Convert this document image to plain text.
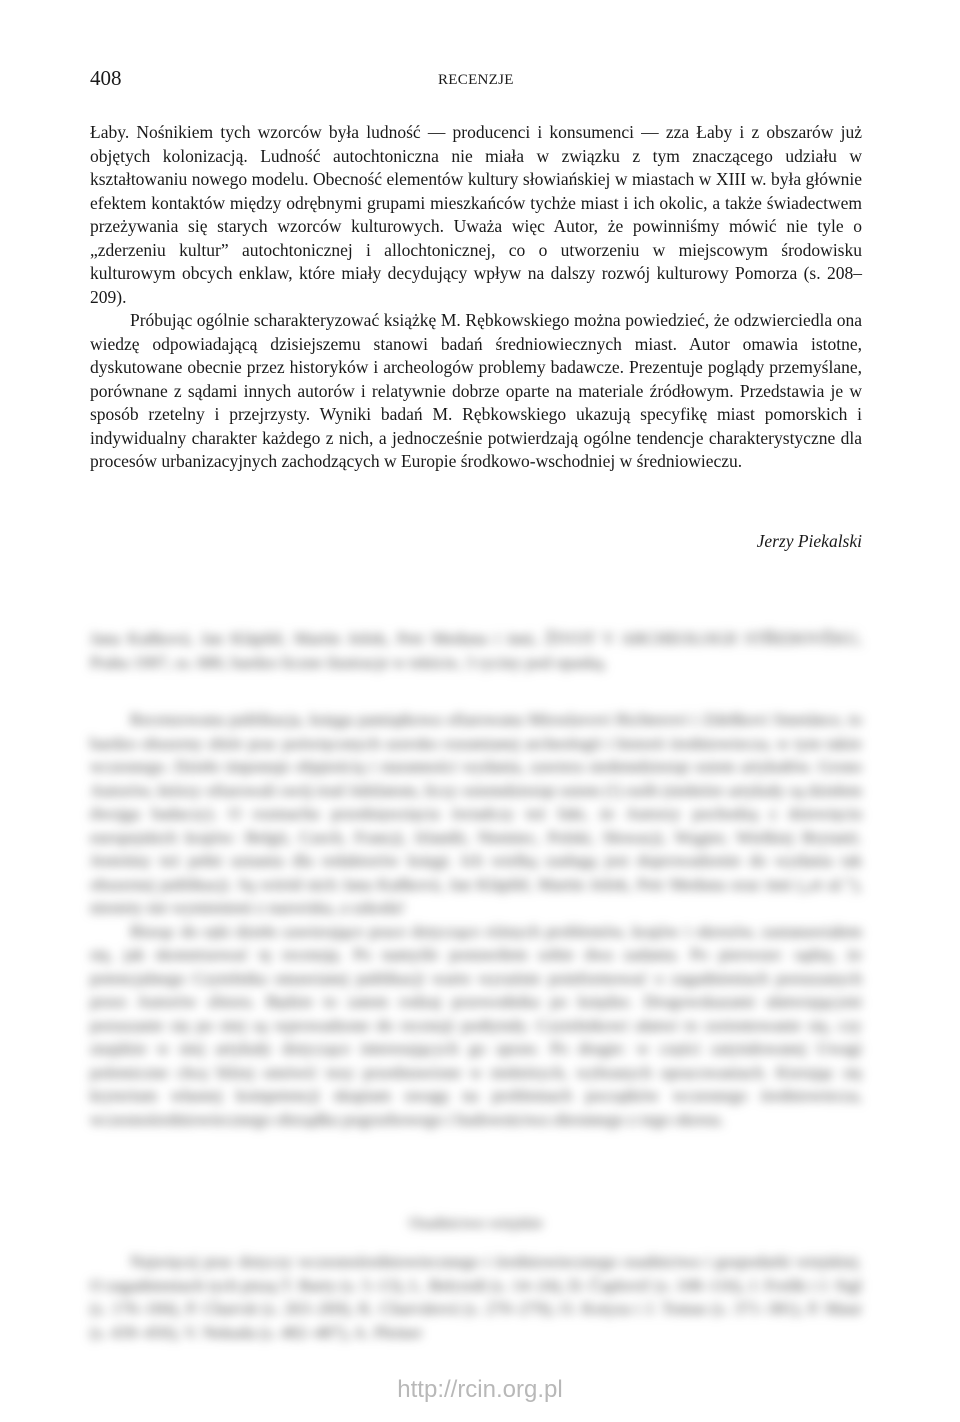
408	RECENZJE

Łaby. Nośnikiem tych wzorców była ludność — producenci i konsumenci — zza Łaby i z obszarów już objętych kolonizacją. Ludność autochtoniczna nie miała w związku z tym znaczącego udziału w kształtowaniu nowego modelu. Obecność elementów kultury słowiańskiej w miastach w XIII w. była głównie efektem kontaktów między odrębnymi grupami mieszkańców tychże miast i ich okolic, a także świadectwem przeżywania się starych wzorców kulturowych. Uważa więc Autor, że powinniśmy mówić nie tyle o „zderzeniu kultur” autochtonicznej i allochtonicznej, co o utworzeniu w miejscowym środowisku kulturowym obcych enklaw, które miały decydujący wpływ na dalszy rozwój kulturowy Pomorza (s. 208–209).

Próbując ogólnie scharakteryzować książkę M. Rębkowskiego można powiedzieć, że odzwierciedla ona wiedzę odpowiadającą dzisiejszemu stanowi badań średniowiecznych miast. Autor omawia istotne, dyskutowane obecnie przez historyków i archeologów problemy badawcze. Prezentuje poglądy przemyślane, porównane z sądami innych autorów i relatywnie dobrze oparte na materiale źródłowym. Przedstawia je w sposób rzetelny i przejrzysty. Wyniki badań M. Rębkowskiego ukazują specyfikę miast pomorskich i indywidualny charakter każdego z nich, a jednocześnie potwierdzają ogólne tendencje charakterystyczne dla procesów urbanizacyjnych zachodzących w Europie środkowo-wschodniej w średniowieczu.

Jerzy Piekalski

Jana Kaňková, Jan Klápště, Martin Ježek, Petr Meduna i inni, ŽIVOT V ARCHEOLOGII STŘEDOVĚKU, Praha 1997, ss. 680, bardzo liczne ilustracje w tekście, 3 ryciny pod opaską.

Recenzowana publikacja, księga pamiątkowa ofiarowana Miroslavovi Richterovi i Zdeňkovi Smetánce, to bardzo obszerny zbiór prac poświęconych szeroko rozumianej archeologii i historii średniowiecza, w tym także wczesnego. Dzieło imponuje objętością i staranności wydania, zawiera siedemdziesiąt osiem artykułów. Grono Autorów, którzy ofiarowali swój trud Jubilatom, liczy osiemdziesiąt osiem (!) osób (niektóre artykuły są dziełem dwojga badaczy). O rozmachu przedsięwzięcia świadczy też fakt, że Autorzy pochodzą z dziewięciu europejskich krajów: Belgii, Czech, Francji, Irlandii, Niemiec, Polski, Słowacji, Węgier, Wielkiej Brytanii. Jesteśmy też pełni uznania dla redaktorów księgi. Ich wielką zasługą jest doprowadzenie do wydania tak obszernej publikacji. Są wśród nich Jana Kaňková, Jan Klápště, Martin Ježek, Petr Meduna oraz inni („et al.”), niestety nie wymienieni z nazwiska, a szkoda!

Biorąc do ręki dzieło zawierające prace dotyczące różnych problemów, krajów i okresów, zastanawiałem się, jak skonstruować tę recenzję. Po namyśle postawiłem sobie dwa zadania. Po pierwsze: sądzę, że potencjalnego Czytelnika omawianej publikacji warto wyraźnie poinformować o zagadnieniach poruszanych przez Autorów zbioru. Będzie to zatem rodzaj przewodnika po księdze. Drogowskazami ułatwiającymi poruszanie się po niej są wprowadzone do recenzji podtytuły. Czytelnikowi ułatwi to zorientowanie się, czy znajdzie w niej artykuły dotyczące interesujących go spraw. Po drugie: w części zatytułowanej Uwagi polemiczne chcę bliżej omówić tezy przedstawione w niektórych, wybranych opracowaniach. Kierując się kryterium własnej kompetencji skupiam uwagę na problemach początków wczesnego średniowiecza, wczesnośredniowiecznego obrządku pogrzebowego i budownictwa obronnego z tego okresu.

Osadnictwo wiejskie

Najwięcej prac dotyczy wczesnośredniowiecznego i średniowiecznego osadnictwa i gospodarki wiejskiej. O zagadnieniach tych piszą T. Barty (s. 5–13), L. Belcredi (s. 14–24), D. Čaplovič (s. 108–116), J. Frolík i J. Sigl (s. 176–184), P. Charvát (s. 263–269), K. Charvátová (s. 270–279), O. Kotyza i J. Tomas (s. 371–381), P. Maur (s. 439–450), V. Nekuda (s. 482–487), A. Pleiner

http://rcin.org.pl
